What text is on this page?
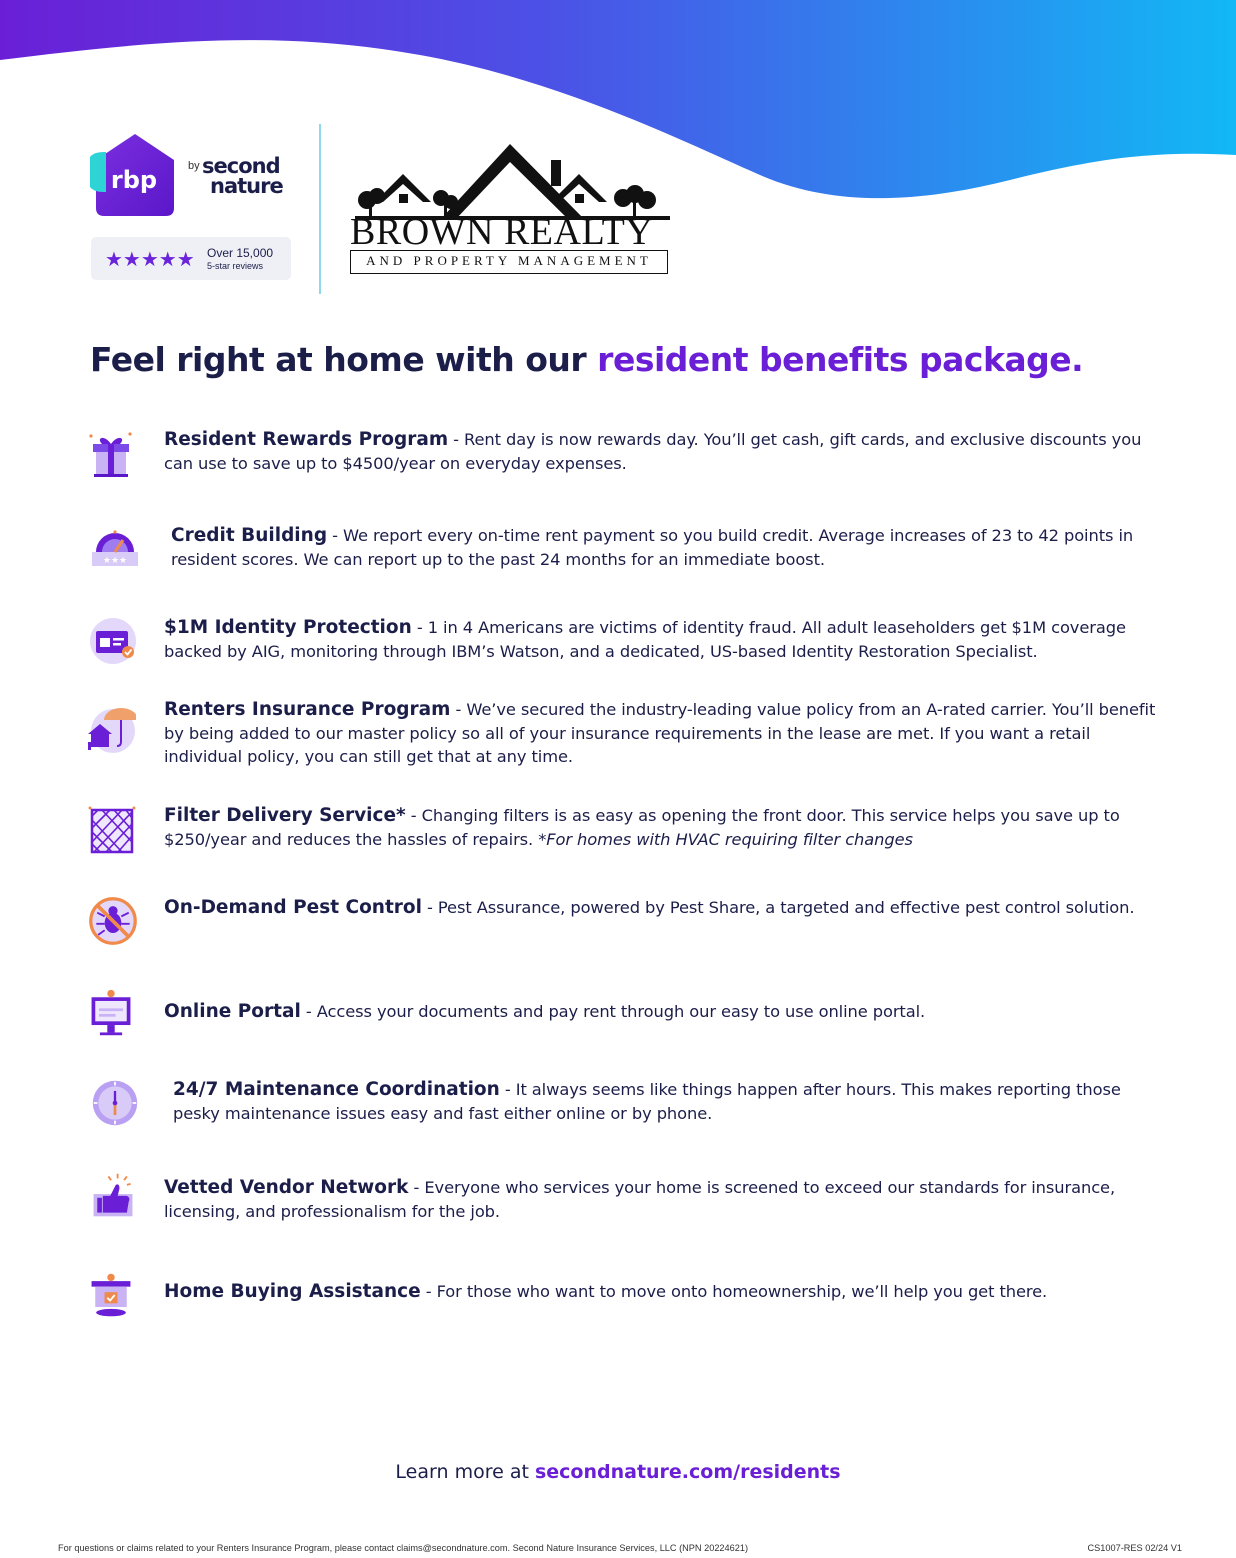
rbp	by second
nature
★★★★★ Over 15,000
5-star reviews
BROWN REALTY
AND PROPERTY MANAGEMENT
Feel right at home with our resident benefits package.
Resident Rewards Program - Rent day is now rewards day. You’ll get cash, gift cards, and exclusive discounts you can use to save up to $4500/year on everyday expenses.
★★★
Credit Building - We report every on-time rent payment so you build credit. Average increases of 23 to 42 points in resident scores. We can report up to the past 24 months for an immediate boost.
$1M Identity Protection - 1 in 4 Americans are victims of identity fraud. All adult leaseholders get $1M coverage backed by AIG, monitoring through IBM’s Watson, and a dedicated, US-based Identity Restoration Specialist.
Renters Insurance Program - We’ve secured the industry-leading value policy from an A-rated carrier. You’ll benefit by being added to our master policy so all of your insurance requirements in the lease are met. If you want a retail individual policy, you can still get that at any time.
Filter Delivery Service* - Changing filters is as easy as opening the front door. This service helps you save up to $250/year and reduces the hassles of repairs. *For homes with HVAC requiring filter changes
On-Demand Pest Control - Pest Assurance, powered by Pest Share, a targeted and effective pest control solution.
Online Portal - Access your documents and pay rent through our easy to use online portal.
24/7 Maintenance Coordination - It always seems like things happen after hours. This makes reporting those pesky maintenance issues easy and fast either online or by phone.
Vetted Vendor Network - Everyone who services your home is screened to exceed our standards for insurance, licensing, and professionalism for the job.
Home Buying Assistance - For those who want to move onto homeownership, we’ll help you get there.
Learn more at secondnature.com/residents
For questions or claims related to your Renters Insurance Program, please contact claims@secondnature.com. Second Nature Insurance Services, LLC (NPN 20224621)	CS1007-RES 02/24 V1
